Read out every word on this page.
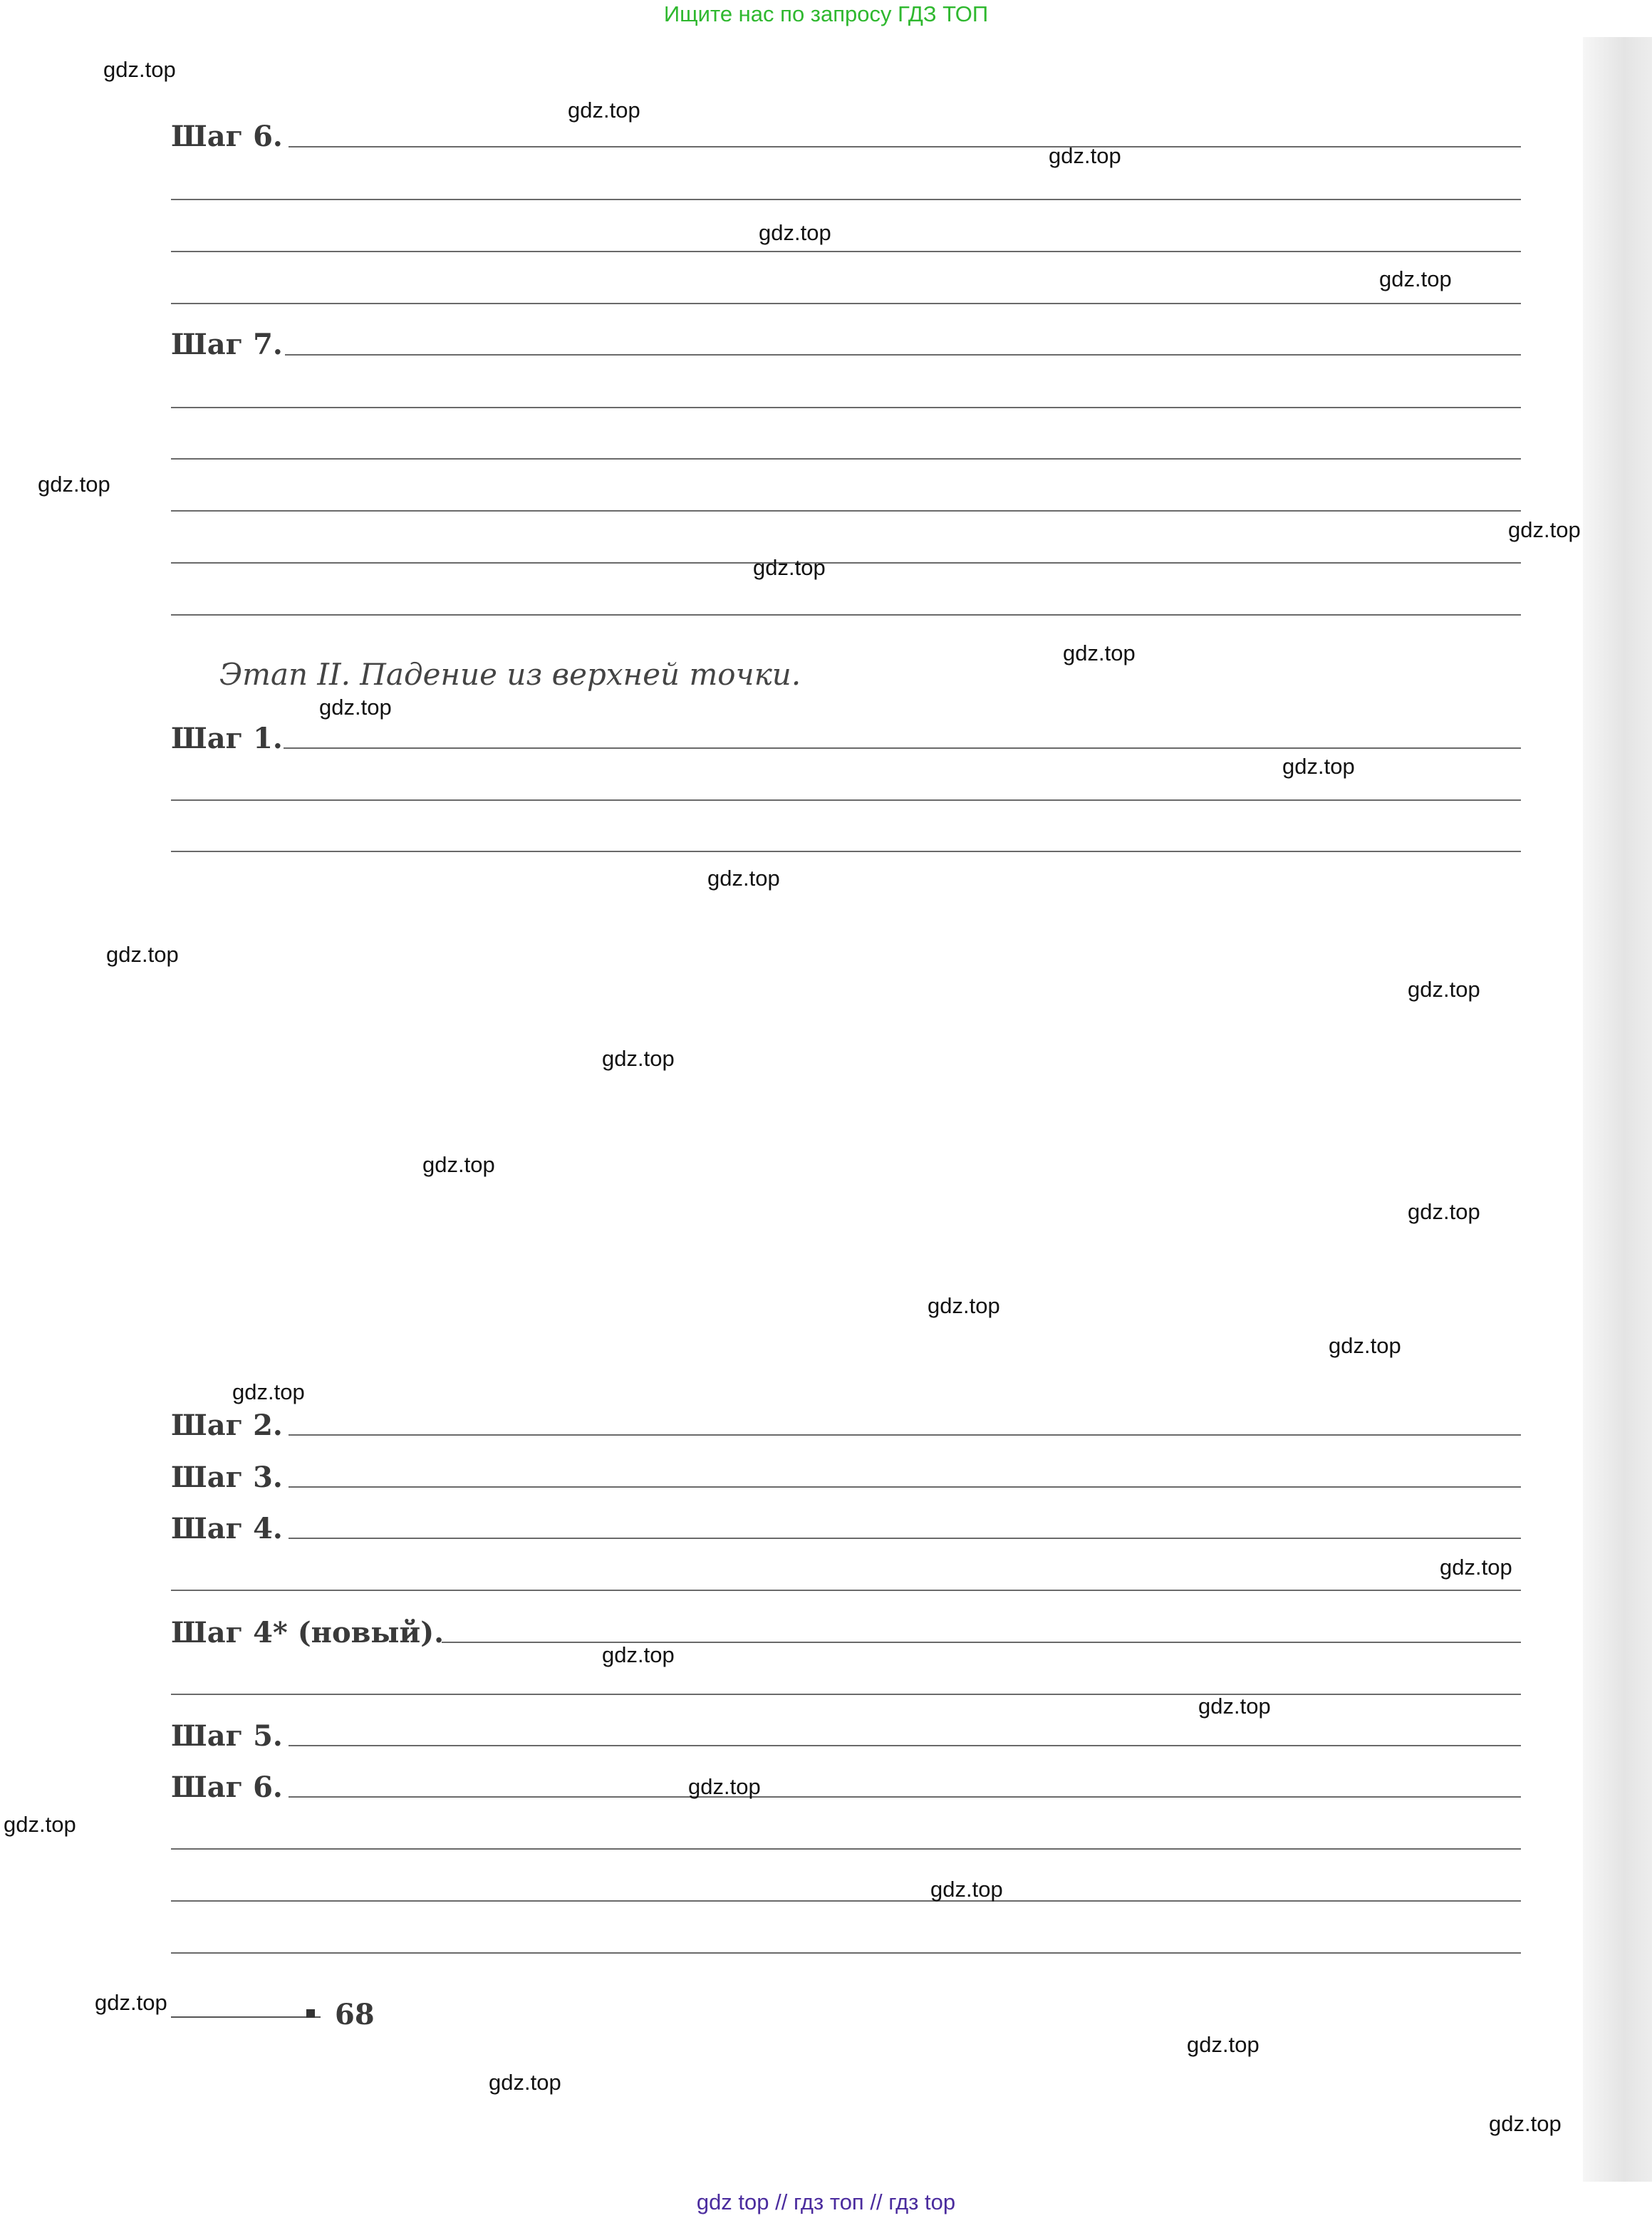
Ищите нас по запросу ГДЗ ТОП
Шаг 6.
Шаг 7.
Этап II. Падение из верхней точки.
Шаг 1.
Шаг 2.
Шаг 3.
Шаг 4.
Шаг 4* (новый).
Шаг 5.
Шаг 6.
68
gdz.top
gdz.top
gdz.top
gdz.top
gdz.top
gdz.top
gdz.top
gdz.top
gdz.top
gdz.top
gdz.top
gdz.top
gdz.top
gdz.top
gdz.top
gdz.top
gdz.top
gdz.top
gdz.top
gdz.top
gdz.top
gdz.top
gdz.top
gdz.top
gdz.top
gdz.top
gdz.top
gdz.top
gdz.top
gdz.top
gdz top // гдз топ // гдз top
